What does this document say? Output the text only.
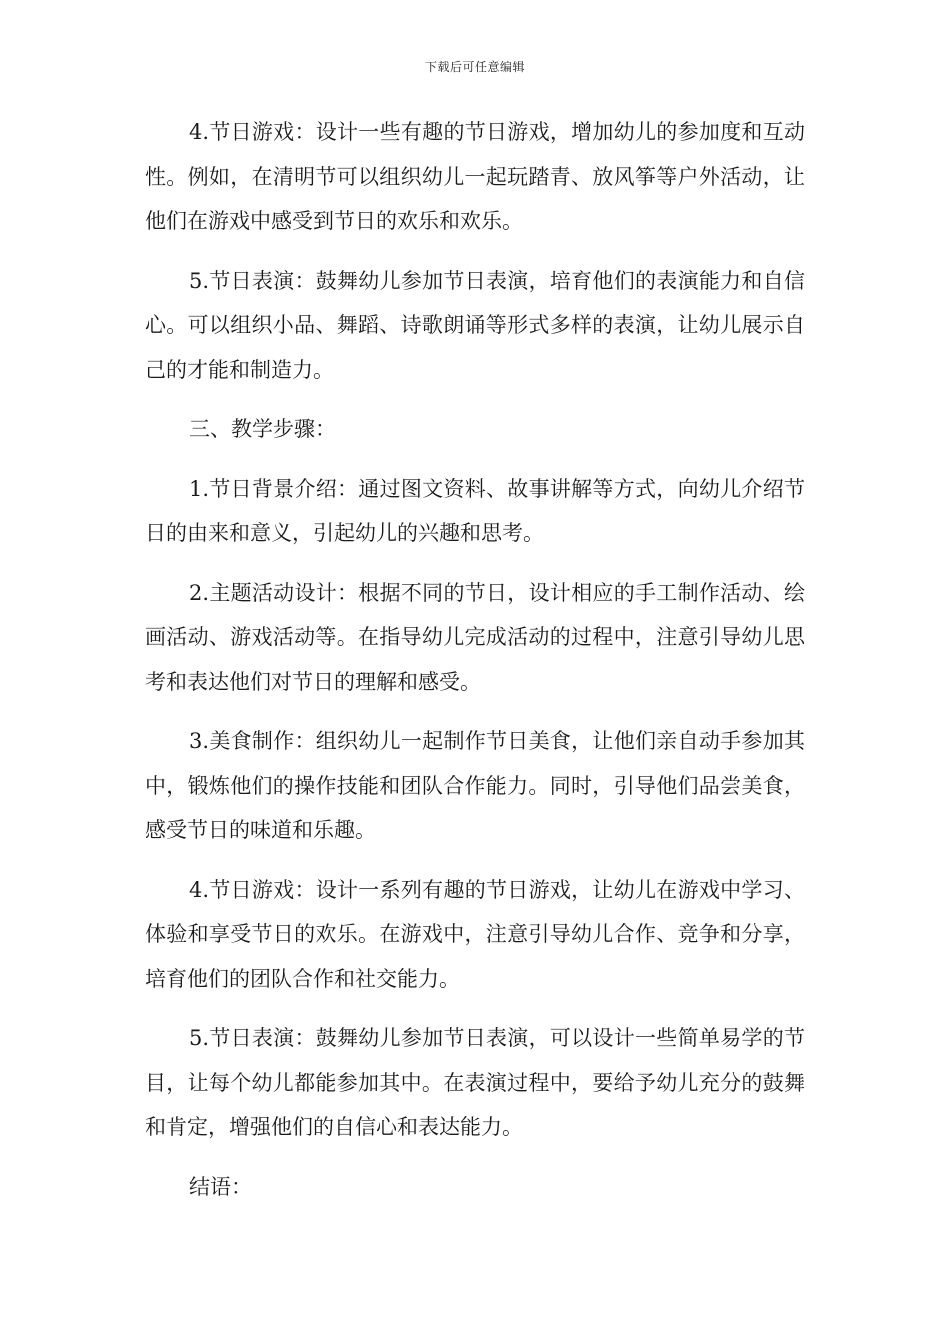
下载后可任意编辑

4.节日游戏：设计一些有趣的节日游戏，增加幼儿的参加度和互动性。例如，在清明节可以组织幼儿一起玩踏青、放风筝等户外活动，让他们在游戏中感受到节日的欢乐和欢乐。

5.节日表演：鼓舞幼儿参加节日表演，培育他们的表演能力和自信心。可以组织小品、舞蹈、诗歌朗诵等形式多样的表演，让幼儿展示自己的才能和制造力。

三、教学步骤：

1.节日背景介绍：通过图文资料、故事讲解等方式，向幼儿介绍节日的由来和意义，引起幼儿的兴趣和思考。

2.主题活动设计：根据不同的节日，设计相应的手工制作活动、绘画活动、游戏活动等。在指导幼儿完成活动的过程中，注意引导幼儿思考和表达他们对节日的理解和感受。

3.美食制作：组织幼儿一起制作节日美食，让他们亲自动手参加其中，锻炼他们的操作技能和团队合作能力。同时，引导他们品尝美食，感受节日的味道和乐趣。

4.节日游戏：设计一系列有趣的节日游戏，让幼儿在游戏中学习、体验和享受节日的欢乐。在游戏中，注意引导幼儿合作、竞争和分享，培育他们的团队合作和社交能力。

5.节日表演：鼓舞幼儿参加节日表演，可以设计一些简单易学的节目，让每个幼儿都能参加其中。在表演过程中，要给予幼儿充分的鼓舞和肯定，增强他们的自信心和表达能力。

结语：
